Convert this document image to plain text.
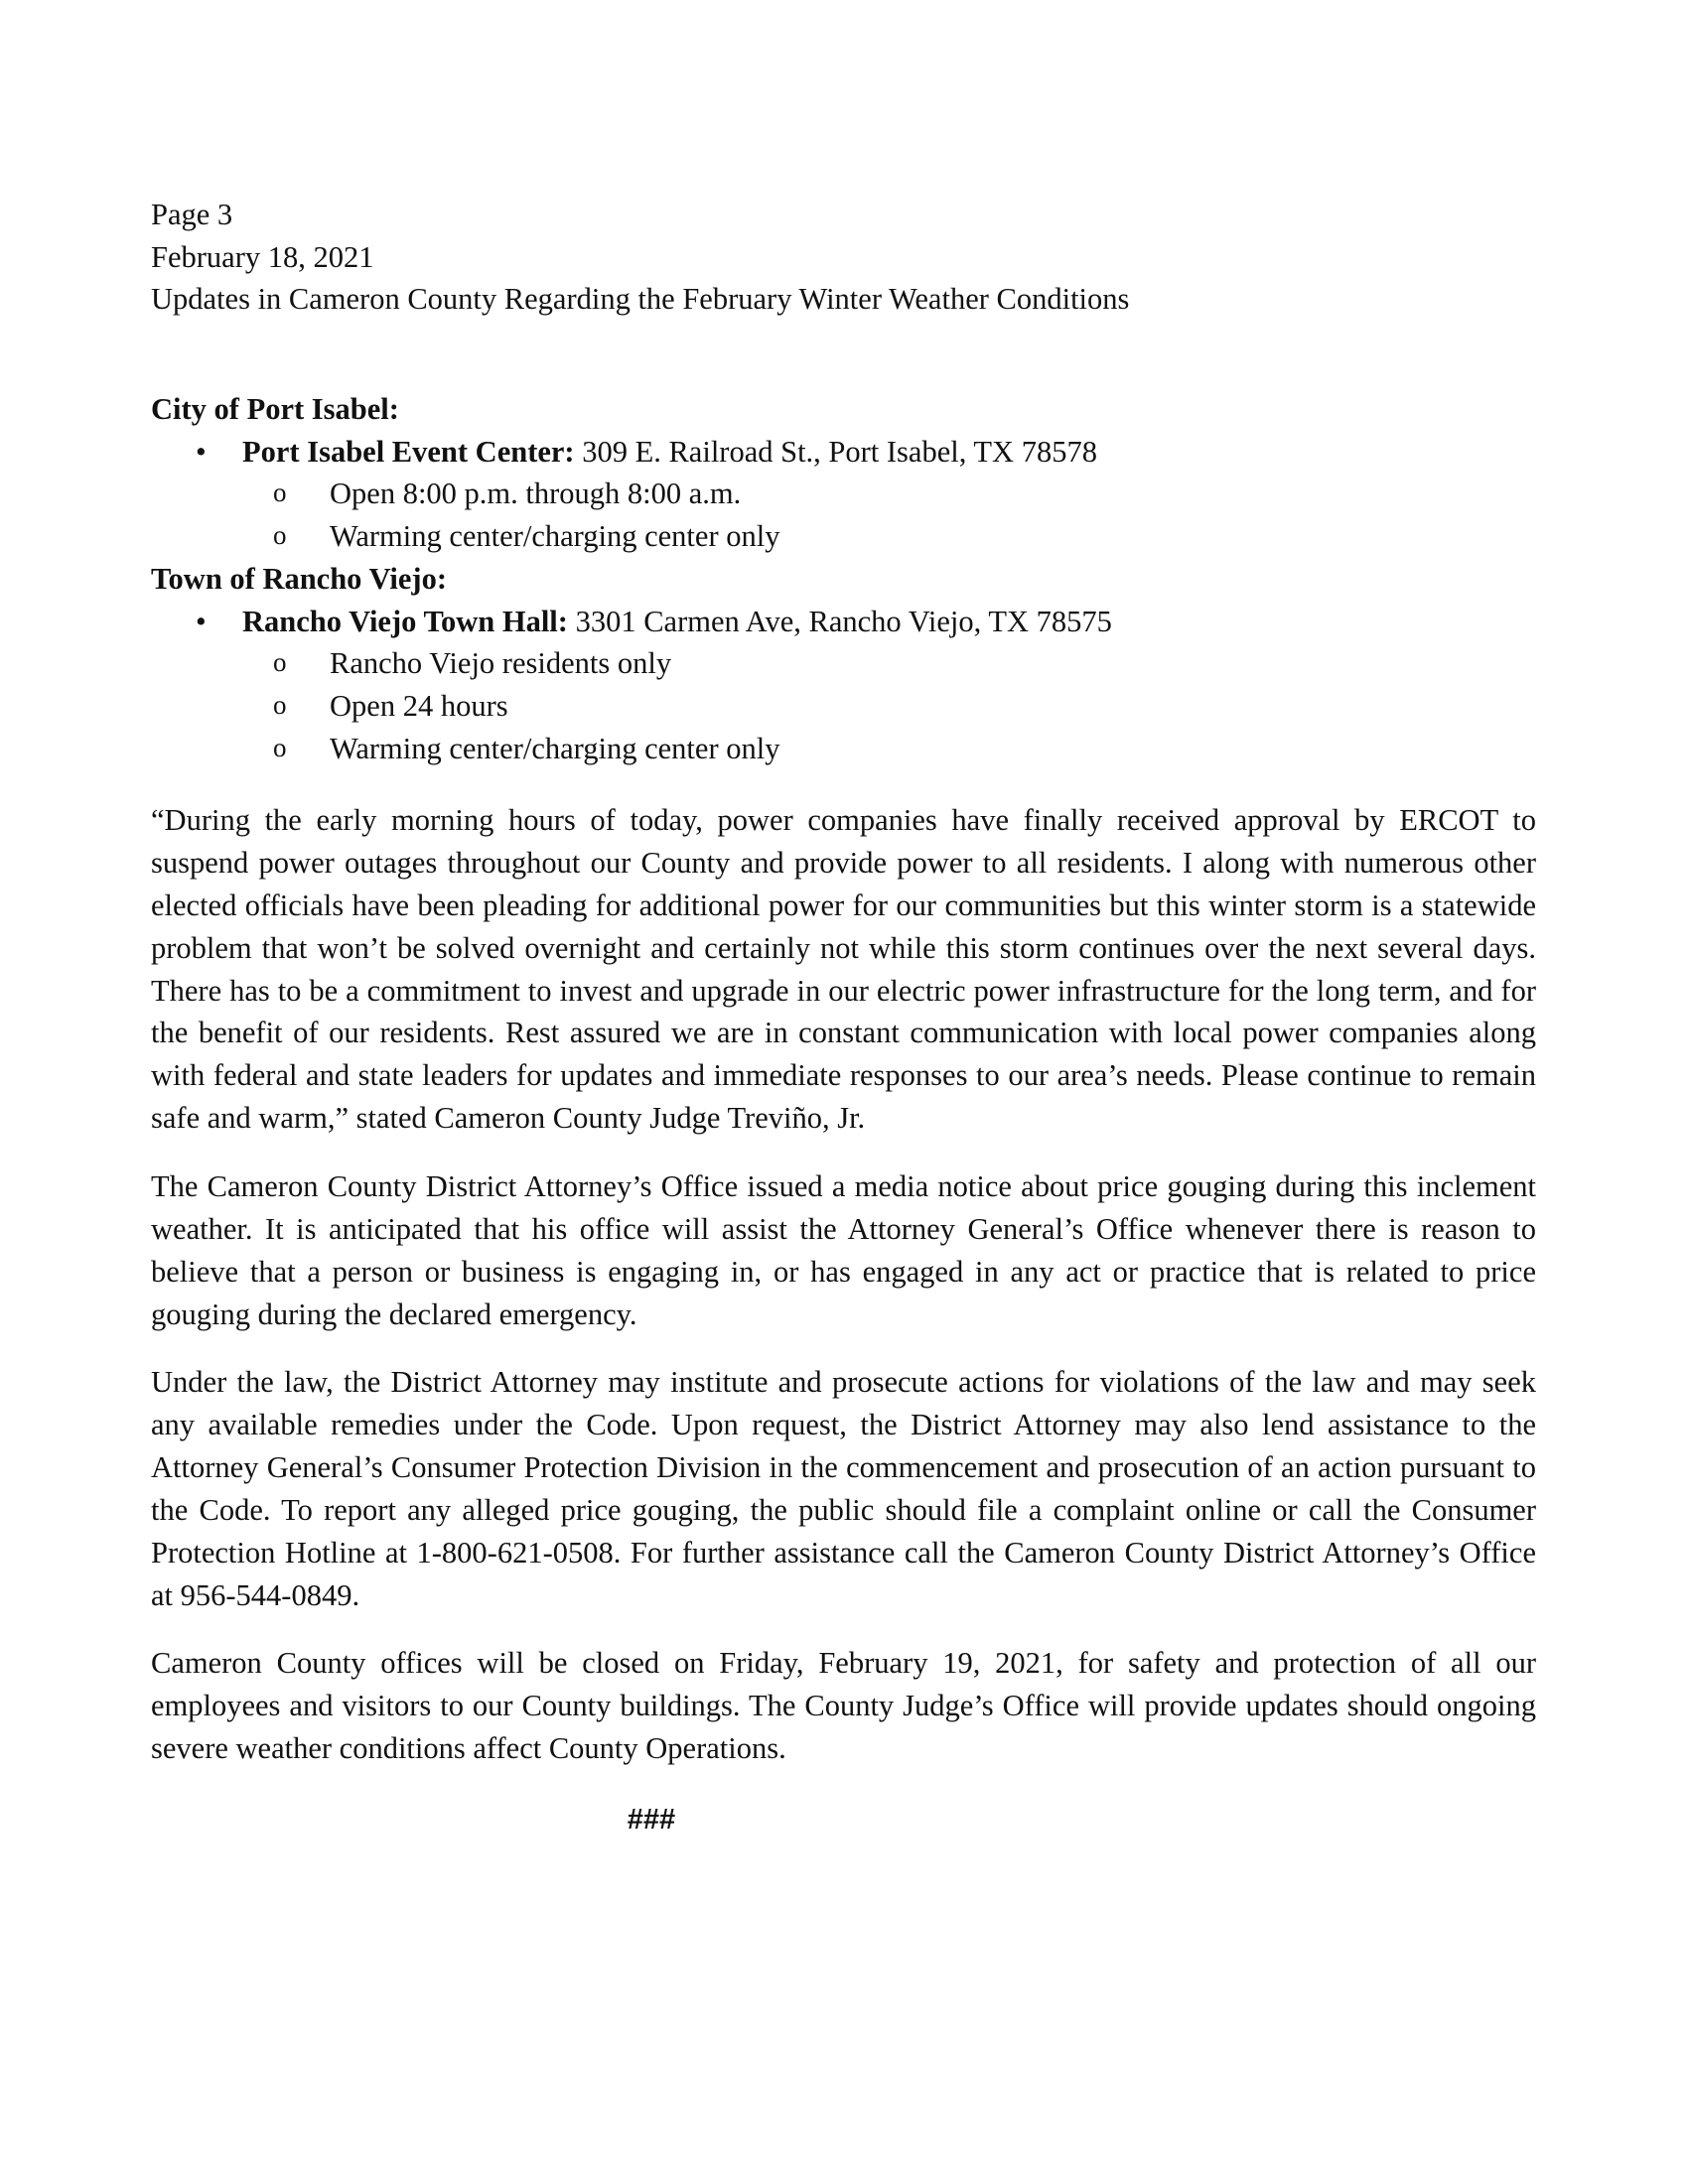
Page 3
February 18, 2021
Updates in Cameron County Regarding the February Winter Weather Conditions
City of Port Isabel:
• Port Isabel Event Center: 309 E. Railroad St., Port Isabel, TX 78578
o Open 8:00 p.m. through 8:00 a.m.
o Warming center/charging center only
Town of Rancho Viejo:
• Rancho Viejo Town Hall: 3301 Carmen Ave, Rancho Viejo, TX 78575
o Rancho Viejo residents only
o Open 24 hours
o Warming center/charging center only

“During the early morning hours of today, power companies have finally received approval by ERCOT to suspend power outages throughout our County and provide power to all residents. I along with numerous other elected officials have been pleading for additional power for our communities but this winter storm is a statewide problem that won’t be solved overnight and certainly not while this storm continues over the next several days. There has to be a commitment to invest and upgrade in our electric power infrastructure for the long term, and for the benefit of our residents. Rest assured we are in constant communication with local power companies along with federal and state leaders for updates and immediate responses to our area’s needs. Please continue to remain safe and warm,” stated Cameron County Judge Treviño, Jr.

The Cameron County District Attorney’s Office issued a media notice about price gouging during this inclement weather. It is anticipated that his office will assist the Attorney General’s Office whenever there is reason to believe that a person or business is engaging in, or has engaged in any act or practice that is related to price gouging during the declared emergency.

Under the law, the District Attorney may institute and prosecute actions for violations of the law and may seek any available remedies under the Code. Upon request, the District Attorney may also lend assistance to the Attorney General’s Consumer Protection Division in the commencement and prosecution of an action pursuant to the Code. To report any alleged price gouging, the public should file a complaint online or call the Consumer Protection Hotline at 1-800-621-0508. For further assistance call the Cameron County District Attorney’s Office at 956-544-0849.

Cameron County offices will be closed on Friday, February 19, 2021, for safety and protection of all our employees and visitors to our County buildings. The County Judge’s Office will provide updates should ongoing severe weather conditions affect County Operations.

###
